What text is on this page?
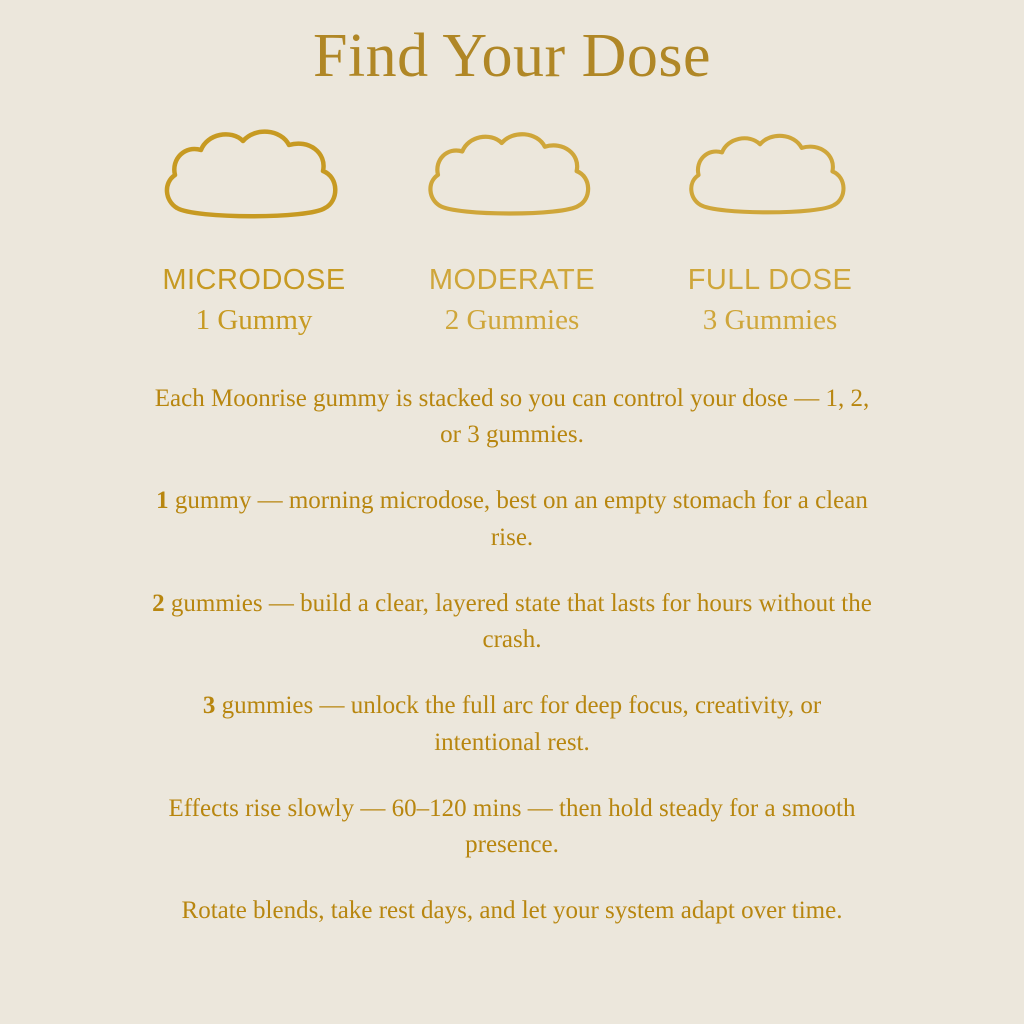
Find Your Dose
MICRODOSE
1 Gummy
MODERATE
2 Gummies
FULL DOSE
3 Gummies

Each Moonrise gummy is stacked so you can control your dose — 1, 2, or 3 gummies.

1 gummy — morning microdose, best on an empty stomach for a clean rise.

2 gummies — build a clear, layered state that lasts for hours without the crash.

3 gummies — unlock the full arc for deep focus, creativity, or intentional rest.

Effects rise slowly — 60–120 mins — then hold steady for a smooth presence.

Rotate blends, take rest days, and let your system adapt over time.
